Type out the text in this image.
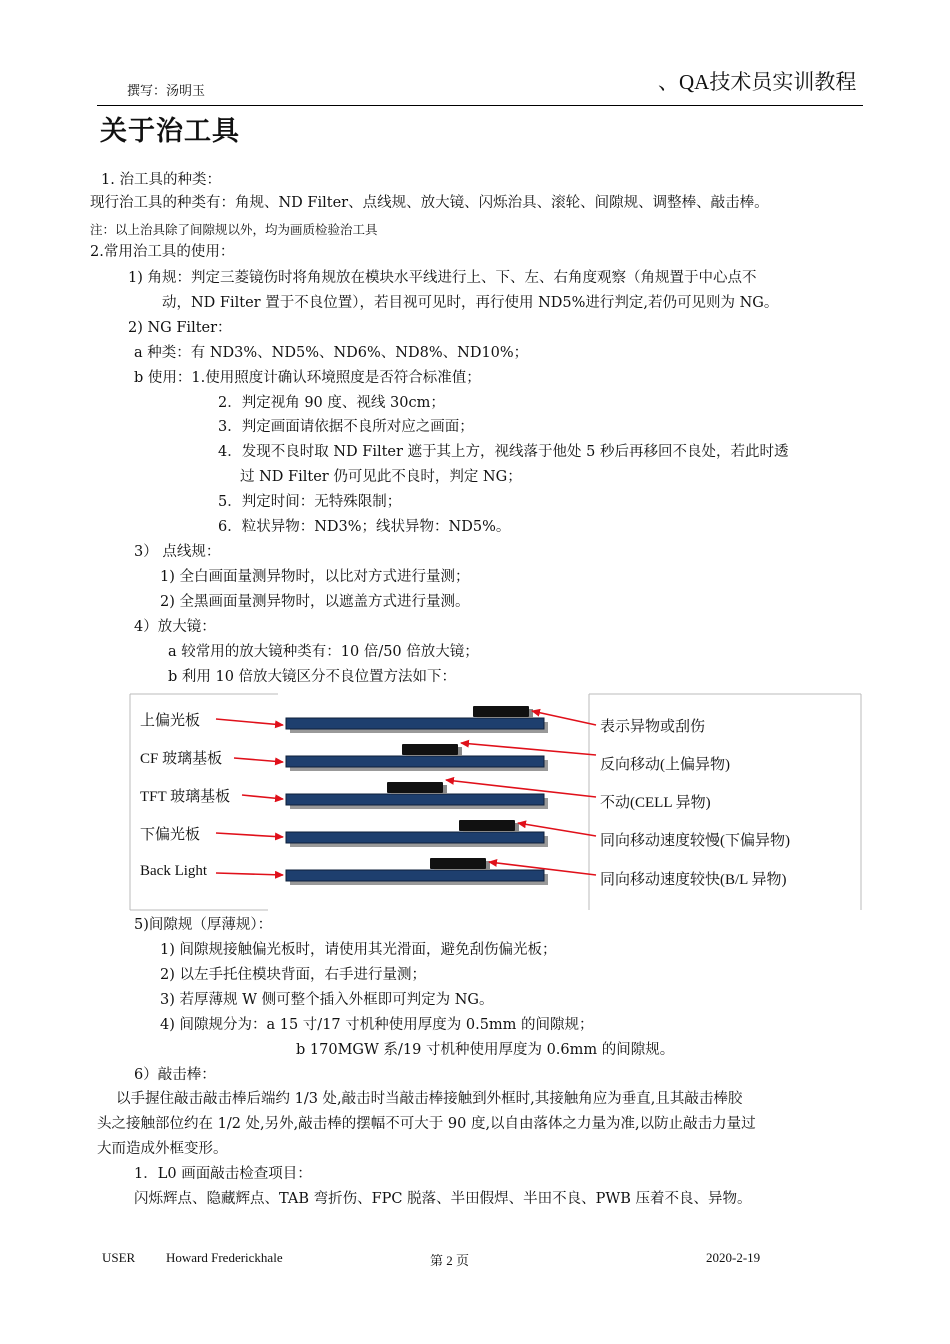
撰写：汤明玉	、QA技术员实训教程
关于治工具
1. 治工具的种类：
现行治工具的种类有：角规、ND Filter、点线规、放大镜、闪烁治具、滚轮、间隙规、调整棒、敲击棒。
注：以上治具除了间隙规以外，均为画质检验治工具
2.常用治工具的使用：
1) 角规：判定三菱镜伤时将角规放在模块水平线进行上、下、左、右角度观察（角规置于中心点不
动，ND Filter 置于不良位置），若目视可见时，再行使用 ND5%进行判定,若仍可见则为 NG。
2) NG Filter：
a 种类：有 ND3%、ND5%、ND6%、ND8%、ND10%；
b 使用：1.使用照度计确认环境照度是否符合标准值；
2．判定视角 90 度、视线 30cm；
3．判定画面请依据不良所对应之画面；
4．发现不良时取 ND Filter 遮于其上方，视线落于他处 5 秒后再移回不良处，若此时透
过 ND Filter 仍可见此不良时，判定 NG；
5．判定时间：无特殊限制；
6．粒状异物：ND3%；线状异物：ND5%。
3） 点线规：
1) 全白画面量测异物时，以比对方式进行量测；
2) 全黑画面量测异物时，以遮盖方式进行量测。
4）放大镜：
a 较常用的放大镜种类有：10 倍/50 倍放大镜；
b 利用 10 倍放大镜区分不良位置方法如下：
上偏光板
CF 玻璃基板
TFT 玻璃基板
下偏光板
Back Light
表示异物或刮伤
反向移动(上偏异物)
不动(CELL 异物)
同向移动速度较慢(下偏异物)
同向移动速度较快(B/L 异物)
5)间隙规（厚薄规）：
1) 间隙规接触偏光板时，请使用其光滑面，避免刮伤偏光板；
2) 以左手托住模块背面，右手进行量测；
3) 若厚薄规 W 侧可整个插入外框即可判定为 NG。
4) 间隙规分为：a 15 寸/17 寸机种使用厚度为 0.5mm 的间隙规；
b 170MGW 系/19 寸机种使用厚度为 0.6mm 的间隙规。
6）敲击棒：
以手握住敲击敲击棒后端约 1/3 处,敲击时当敲击棒接触到外框时,其接触角应为垂直,且其敲击棒胶
头之接触部位约在 1/2 处,另外,敲击棒的摆幅不可大于 90 度,以自由落体之力量为准,以防止敲击力量过
大而造成外框变形。
1．L0 画面敲击检查项目：
闪烁辉点、隐藏辉点、TAB 弯折伤、FPC 脱落、半田假焊、半田不良、PWB 压着不良、异物。
USER Howard Frederickhale	第 2 页	2020-2-19
